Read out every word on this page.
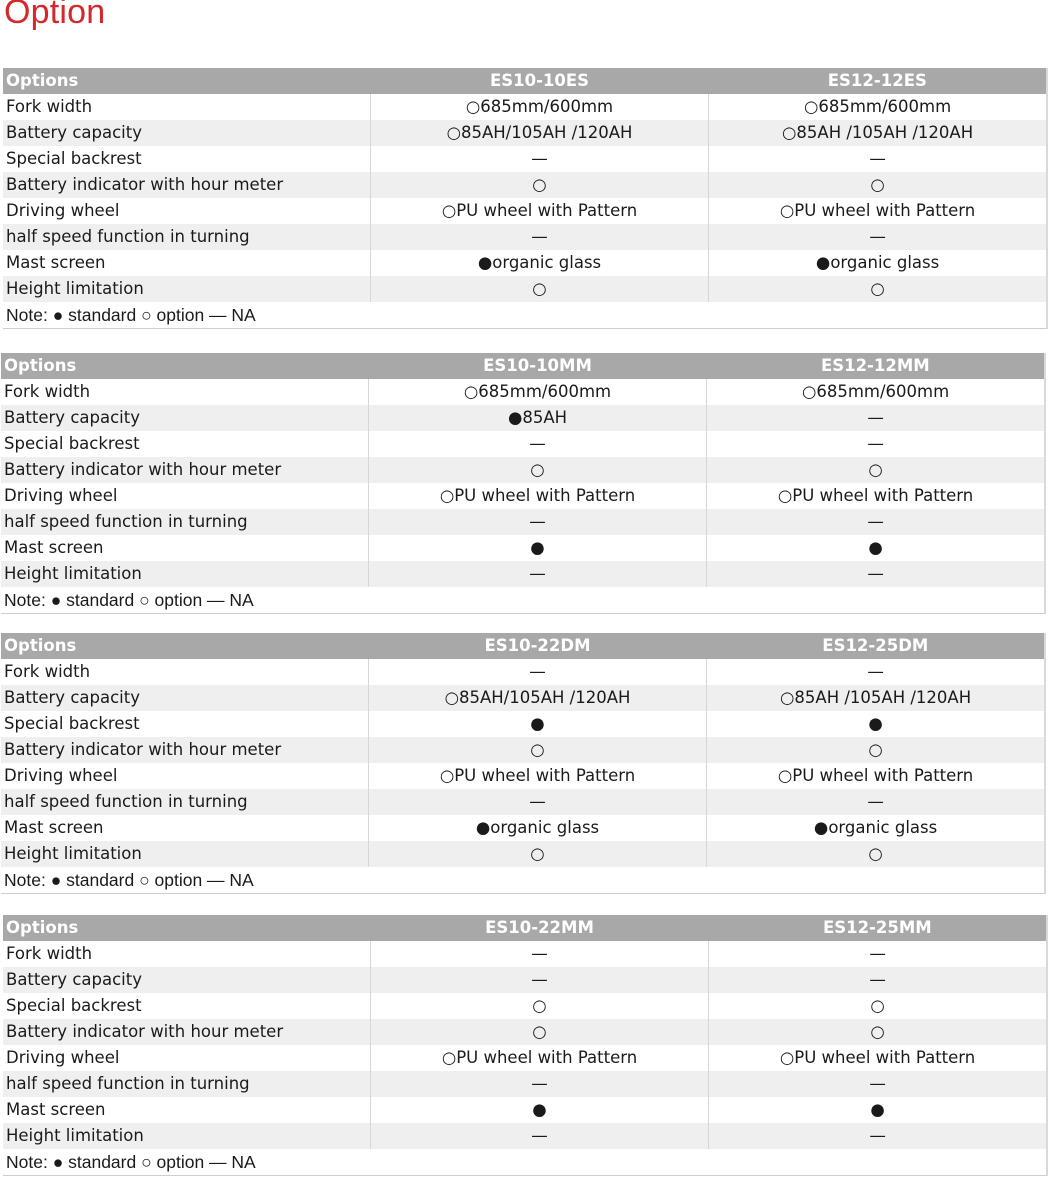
Option
Options	ES10-10ES	ES12-12ES
Fork width	○685mm/600mm	○685mm/600mm
Battery capacity	○85AH/105AH /120AH	○85AH /105AH /120AH
Special backrest	—	—
Battery indicator with hour meter	○	○
Driving wheel	○PU wheel with Pattern	○PU wheel with Pattern
half speed function in turning	—	—
Mast screen	●organic glass	●organic glass
Height limitation	○	○
Note: ● standard ○ option — NA		
Options	ES10-10MM	ES12-12MM
Fork width	○685mm/600mm	○685mm/600mm
Battery capacity	●85AH	—
Special backrest	—	—
Battery indicator with hour meter	○	○
Driving wheel	○PU wheel with Pattern	○PU wheel with Pattern
half speed function in turning	—	—
Mast screen	●	●
Height limitation	—	—
Note: ● standard ○ option — NA		
Options	ES10-22DM	ES12-25DM
Fork width	—	—
Battery capacity	○85AH/105AH /120AH	○85AH /105AH /120AH
Special backrest	●	●
Battery indicator with hour meter	○	○
Driving wheel	○PU wheel with Pattern	○PU wheel with Pattern
half speed function in turning	—	—
Mast screen	●organic glass	●organic glass
Height limitation	○	○
Note: ● standard ○ option — NA		
Options	ES10-22MM	ES12-25MM
Fork width	—	—
Battery capacity	—	—
Special backrest	○	○
Battery indicator with hour meter	○	○
Driving wheel	○PU wheel with Pattern	○PU wheel with Pattern
half speed function in turning	—	—
Mast screen	●	●
Height limitation	—	—
Note: ● standard ○ option — NA		
